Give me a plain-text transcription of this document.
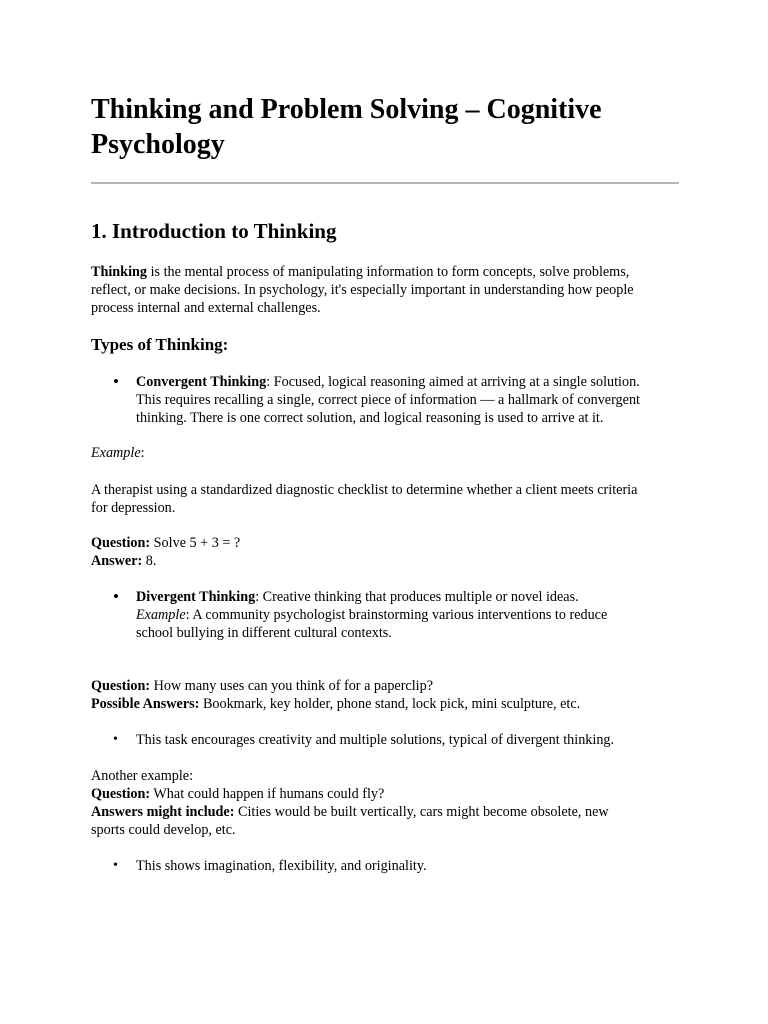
Thinking and Problem Solving – Cognitive
Psychology
1. Introduction to Thinking

Thinking is the mental process of manipulating information to form concepts, solve problems,
reflect, or make decisions. In psychology, it's especially important in understanding how people
process internal and external challenges.

Types of Thinking:
• Convergent Thinking: Focused, logical reasoning aimed at arriving at a single solution.
This requires recalling a single, correct piece of information — a hallmark of convergent
thinking. There is one correct solution, and logical reasoning is used to arrive at it.

Example:

A therapist using a standardized diagnostic checklist to determine whether a client meets criteria
for depression.

Question: Solve 5 + 3 = ?
Answer: 8.

• Divergent Thinking: Creative thinking that produces multiple or novel ideas.
Example: A community psychologist brainstorming various interventions to reduce
school bullying in different cultural contexts.

Question: How many uses can you think of for a paperclip?
Possible Answers: Bookmark, key holder, phone stand, lock pick, mini sculpture, etc.

• This task encourages creativity and multiple solutions, typical of divergent thinking.

Another example:
Question: What could happen if humans could fly?
Answers might include: Cities would be built vertically, cars might become obsolete, new
sports could develop, etc.

• This shows imagination, flexibility, and originality.
